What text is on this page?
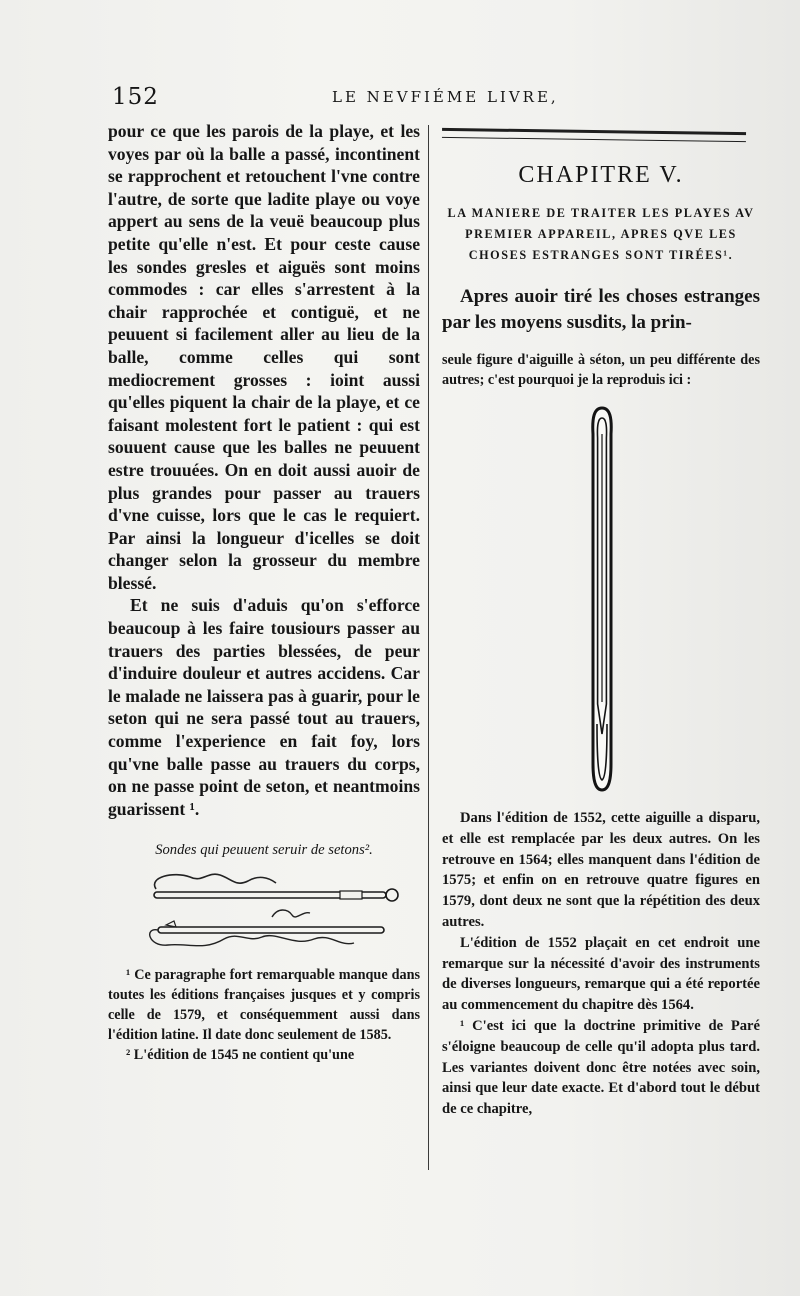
152	LE NEVFIÉME LIVRE,

pour ce que les parois de la playe, et les voyes par où la balle a passé, incontinent se rapprochent et retouchent l'vne contre l'autre, de sorte que ladite playe ou voye appert au sens de la veuë beaucoup plus petite qu'elle n'est. Et pour ceste cause les sondes gresles et aiguës sont moins commodes : car elles s'arrestent à la chair rapprochée et contiguë, et ne peuuent si facilement aller au lieu de la balle, comme celles qui sont mediocrement grosses : ioint aussi qu'elles piquent la chair de la playe, et ce faisant molestent fort le patient : qui est souuent cause que les balles ne peuuent estre trouuées. On en doit aussi auoir de plus grandes pour passer au trauers d'vne cuisse, lors que le cas le requiert. Par ainsi la longueur d'icelles se doit changer selon la grosseur du membre blessé.

Et ne suis d'aduis qu'on s'efforce beaucoup à les faire tousiours passer au trauers des parties blessées, de peur d'induire douleur et autres accidens. Car le malade ne laissera pas à guarir, pour le seton qui ne sera passé tout au trauers, comme l'experience en fait foy, lors qu'vne balle passe au trauers du corps, on ne passe point de seton, et neantmoins guarissent ¹.

Sondes qui peuuent seruir de setons².

¹ Ce paragraphe fort remarquable manque dans toutes les éditions françaises jusques et y compris celle de 1579, et conséquemment aussi dans l'édition latine. Il date donc seulement de 1585.

² L'édition de 1545 ne contient qu'une

CHAPITRE V.

LA MANIERE DE TRAITER LES PLAYES AV PREMIER APPAREIL, APRES QVE LES CHOSES ESTRANGES SONT TIRÉES¹.

Apres auoir tiré les choses estranges par les moyens susdits, la prin-

seule figure d'aiguille à séton, un peu différente des autres; c'est pourquoi je la reproduis ici :

Dans l'édition de 1552, cette aiguille a disparu, et elle est remplacée par les deux autres. On les retrouve en 1564; elles manquent dans l'édition de 1575; et enfin on en retrouve quatre figures en 1579, dont deux ne sont que la répétition des deux autres.

L'édition de 1552 plaçait en cet endroit une remarque sur la nécessité d'avoir des instruments de diverses longueurs, remarque qui a été reportée au commencement du chapitre dès 1564.

¹ C'est ici que la doctrine primitive de Paré s'éloigne beaucoup de celle qu'il adopta plus tard. Les variantes doivent donc être notées avec soin, ainsi que leur date exacte. Et d'abord tout le début de ce chapitre,
